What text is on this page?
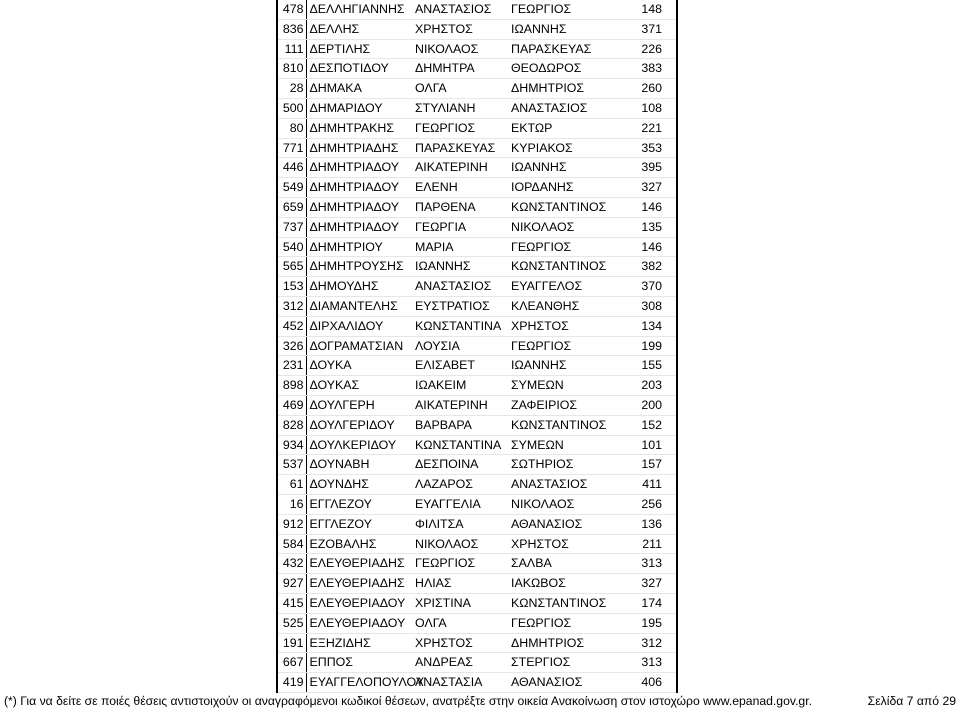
478	ΔΕΛΛΗΓΙΑΝΝΗΣ	ΑΝΑΣΤΑΣΙΟΣ	ΓΕΩΡΓΙΟΣ	148
836	ΔΕΛΛΗΣ	ΧΡΗΣΤΟΣ	ΙΩΑΝΝΗΣ	371
111	ΔΕΡΤΙΛΗΣ	ΝΙΚΟΛΑΟΣ	ΠΑΡΑΣΚΕΥΑΣ	226
810	ΔΕΣΠΟΤΙΔΟΥ	ΔΗΜΗΤΡΑ	ΘΕΟΔΩΡΟΣ	383
28	ΔΗΜΑΚΑ	ΟΛΓΑ	ΔΗΜΗΤΡΙΟΣ	260
500	ΔΗΜΑΡΙΔΟΥ	ΣΤΥΛΙΑΝΗ	ΑΝΑΣΤΑΣΙΟΣ	108
80	ΔΗΜΗΤΡΑΚΗΣ	ΓΕΩΡΓΙΟΣ	ΕΚΤΩΡ	221
771	ΔΗΜΗΤΡΙΑΔΗΣ	ΠΑΡΑΣΚΕΥΑΣ	ΚΥΡΙΑΚΟΣ	353
446	ΔΗΜΗΤΡΙΑΔΟΥ	ΑΙΚΑΤΕΡΙΝΗ	ΙΩΑΝΝΗΣ	395
549	ΔΗΜΗΤΡΙΑΔΟΥ	ΕΛΕΝΗ	ΙΟΡΔΑΝΗΣ	327
659	ΔΗΜΗΤΡΙΑΔΟΥ	ΠΑΡΘΕΝΑ	ΚΩΝΣΤΑΝΤΙΝΟΣ	146
737	ΔΗΜΗΤΡΙΑΔΟΥ	ΓΕΩΡΓΙΑ	ΝΙΚΟΛΑΟΣ	135
540	ΔΗΜΗΤΡΙΟΥ	ΜΑΡΙΑ	ΓΕΩΡΓΙΟΣ	146
565	ΔΗΜΗΤΡΟΥΣΗΣ	ΙΩΑΝΝΗΣ	ΚΩΝΣΤΑΝΤΙΝΟΣ	382
153	ΔΗΜΟΥΔΗΣ	ΑΝΑΣΤΑΣΙΟΣ	ΕΥΑΓΓΕΛΟΣ	370
312	ΔΙΑΜΑΝΤΕΛΗΣ	ΕΥΣΤΡΑΤΙΟΣ	ΚΛΕΑΝΘΗΣ	308
452	ΔΙΡΧΑΛΙΔΟΥ	ΚΩΝΣΤΑΝΤΙΝΑ	ΧΡΗΣΤΟΣ	134
326	ΔΟΓΡΑΜΑΤΣΙΑΝ	ΛΟΥΣΙΑ	ΓΕΩΡΓΙΟΣ	199
231	ΔΟΥΚΑ	ΕΛΙΣΑΒΕΤ	ΙΩΑΝΝΗΣ	155
898	ΔΟΥΚΑΣ	ΙΩΑΚΕΙΜ	ΣΥΜΕΩΝ	203
469	ΔΟΥΛΓΕΡΗ	ΑΙΚΑΤΕΡΙΝΗ	ΖΑΦΕΙΡΙΟΣ	200
828	ΔΟΥΛΓΕΡΙΔΟΥ	ΒΑΡΒΑΡΑ	ΚΩΝΣΤΑΝΤΙΝΟΣ	152
934	ΔΟΥΛΚΕΡΙΔΟΥ	ΚΩΝΣΤΑΝΤΙΝΑ	ΣΥΜΕΩΝ	101
537	ΔΟΥΝΑΒΗ	ΔΕΣΠΟΙΝΑ	ΣΩΤΗΡΙΟΣ	157
61	ΔΟΥΝΔΗΣ	ΛΑΖΑΡΟΣ	ΑΝΑΣΤΑΣΙΟΣ	411
16	ΕΓΓΛΕΖΟΥ	ΕΥΑΓΓΕΛΙΑ	ΝΙΚΟΛΑΟΣ	256
912	ΕΓΓΛΕΖΟΥ	ΦΙΛΙΤΣΑ	ΑΘΑΝΑΣΙΟΣ	136
584	ΕΖΟΒΑΛΗΣ	ΝΙΚΟΛΑΟΣ	ΧΡΗΣΤΟΣ	211
432	ΕΛΕΥΘΕΡΙΑΔΗΣ	ΓΕΩΡΓΙΟΣ	ΣΑΛΒΑ	313
927	ΕΛΕΥΘΕΡΙΑΔΗΣ	ΗΛΙΑΣ	ΙΑΚΩΒΟΣ	327
415	ΕΛΕΥΘΕΡΙΑΔΟΥ	ΧΡΙΣΤΙΝΑ	ΚΩΝΣΤΑΝΤΙΝΟΣ	174
525	ΕΛΕΥΘΕΡΙΑΔΟΥ	ΟΛΓΑ	ΓΕΩΡΓΙΟΣ	195
191	ΕΞΗΖΙΔΗΣ	ΧΡΗΣΤΟΣ	ΔΗΜΗΤΡΙΟΣ	312
667	ΕΠΠΟΣ	ΑΝΔΡΕΑΣ	ΣΤΕΡΓΙΟΣ	313
419	ΕΥΑΓΓΕΛΟΠΟΥΛΟΥ	ΑΝΑΣΤΑΣΙΑ	ΑΘΑΝΑΣΙΟΣ	406
(*) Για να δείτε σε ποιές θέσεις αντιστοιχούν οι αναγραφόμενοι κωδικοί θέσεων, ανατρέξτε στην οικεία Ανακοίνωση στον ιστοχώρο www.epanad.gov.gr.	Σελίδα 7 από 29
